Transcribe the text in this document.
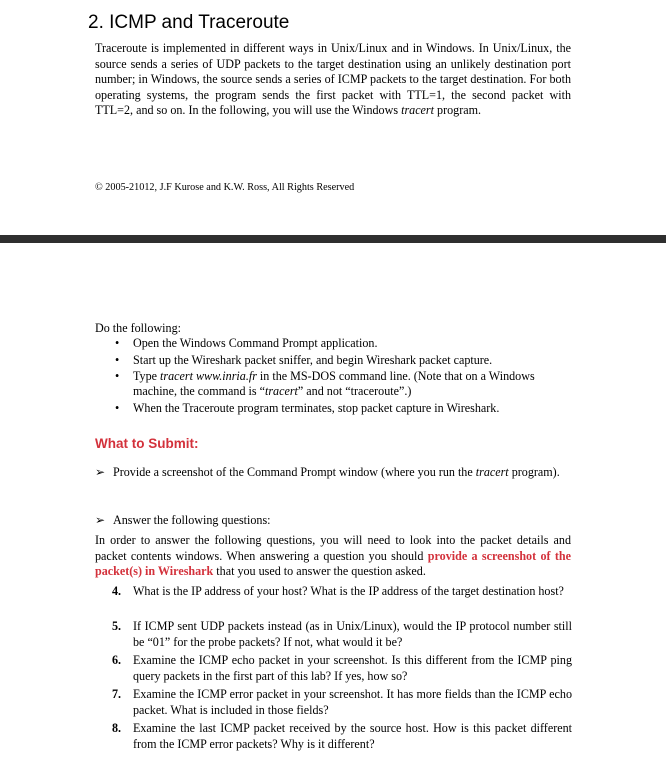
2. ICMP and Traceroute
Traceroute is implemented in different ways in Unix/Linux and in Windows. In Unix/Linux, the source sends a series of UDP packets to the target destination using an unlikely destination port number; in Windows, the source sends a series of ICMP packets to the target destination. For both operating systems, the program sends the first packet with TTL=1, the second packet with TTL=2, and so on. In the following, you will use the Windows tracert program.
© 2005-21012, J.F Kurose and K.W. Ross, All Rights Reserved
Do the following:
• Open the Windows Command Prompt application.
• Start up the Wireshark packet sniffer, and begin Wireshark packet capture.
• Type tracert www.inria.fr in the MS-DOS command line. (Note that on a Windows machine, the command is “tracert” and not “traceroute”.)
• When the Traceroute program terminates, stop packet capture in Wireshark.
What to Submit:
➢ Provide a screenshot of the Command Prompt window (where you run the tracert program).
➢ Answer the following questions:
In order to answer the following questions, you will need to look into the packet details and packet contents windows. When answering a question you should provide a screenshot of the packet(s) in Wireshark that you used to answer the question asked.
4. What is the IP address of your host? What is the IP address of the target destination host?
5. If ICMP sent UDP packets instead (as in Unix/Linux), would the IP protocol number still be “01” for the probe packets? If not, what would it be?
6. Examine the ICMP echo packet in your screenshot. Is this different from the ICMP ping query packets in the first part of this lab? If yes, how so?
7. Examine the ICMP error packet in your screenshot. It has more fields than the ICMP echo packet. What is included in those fields?
8. Examine the last ICMP packet received by the source host. How is this packet different from the ICMP error packets? Why is it different?
